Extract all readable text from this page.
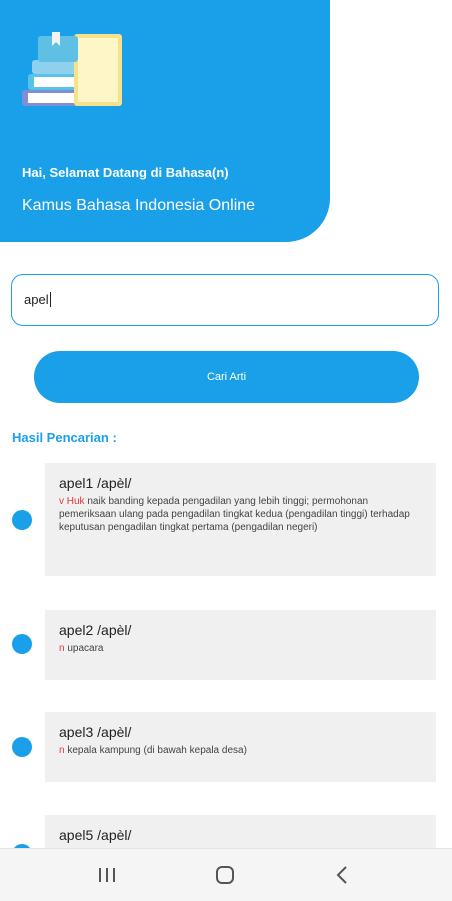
Hai, Selamat Datang di Bahasa(n)
Kamus Bahasa Indonesia Online
apel
Cari Arti
Hasil Pencarian :
apel1 /apèl/
v Huk naik banding kepada pengadilan yang lebih tinggi; permohonan pemeriksaan ulang pada pengadilan tingkat kedua (pengadilan tinggi) terhadap keputusan pengadilan tingkat pertama (pengadilan negeri)
apel2 /apèl/
n upacara
apel3 /apèl/
n kepala kampung (di bawah kepala desa)
apel5 /apèl/
